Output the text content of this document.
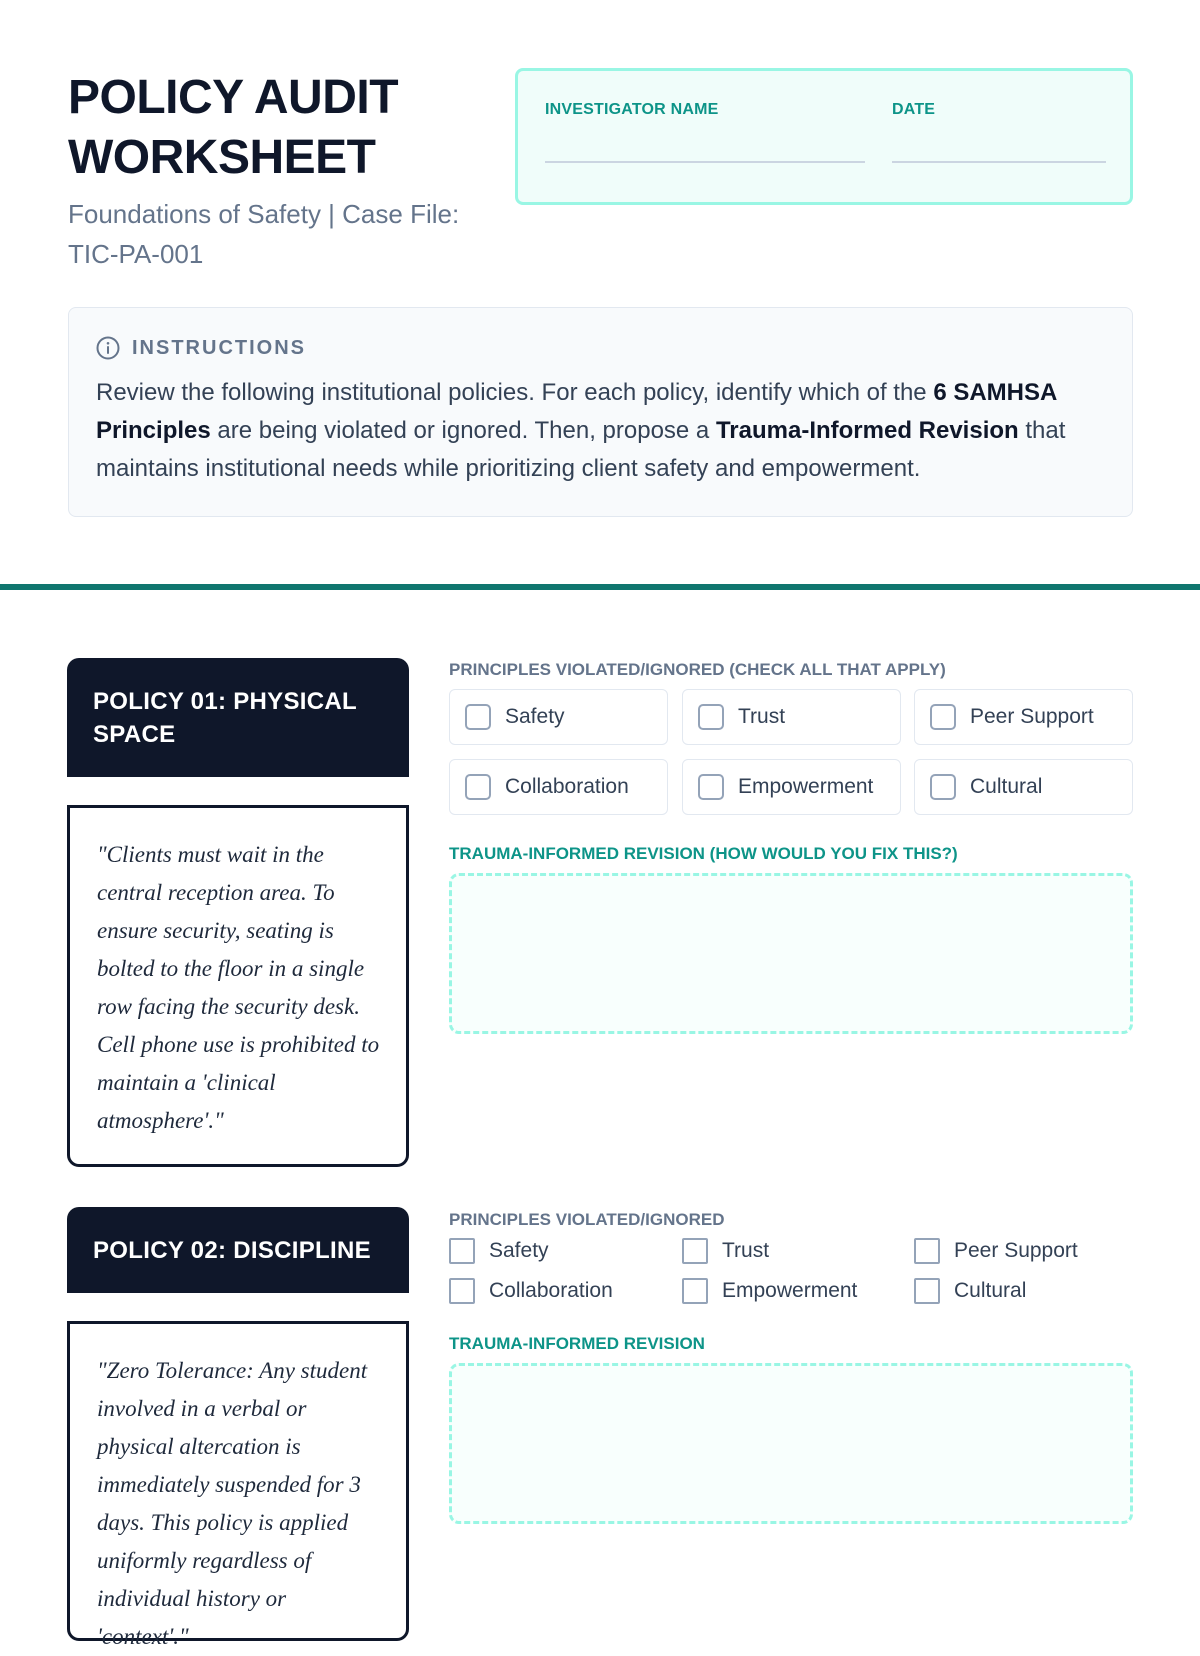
POLICY AUDIT
WORKSHEET
Foundations of Safety | Case File:
TIC-PA-001
INVESTIGATOR NAME	DATE
INSTRUCTIONS
Review the following institutional policies. For each policy, identify which of the 6 SAMHSA Principles are being violated or ignored. Then, propose a Trauma-Informed Revision that maintains institutional needs while prioritizing client safety and empowerment.
POLICY 01: PHYSICAL SPACE
"Clients must wait in the central reception area. To ensure security, seating is bolted to the floor in a single row facing the security desk. Cell phone use is prohibited to maintain a 'clinical atmosphere'."
PRINCIPLES VIOLATED/IGNORED (CHECK ALL THAT APPLY)
Safety	Trust	Peer Support
Collaboration	Empowerment	Cultural
TRAUMA-INFORMED REVISION (HOW WOULD YOU FIX THIS?)
POLICY 02: DISCIPLINE
"Zero Tolerance: Any student involved in a verbal or physical altercation is immediately suspended for 3 days. This policy is applied uniformly regardless of individual history or 'context'."
PRINCIPLES VIOLATED/IGNORED
Safety	Trust	Peer Support
Collaboration	Empowerment	Cultural
TRAUMA-INFORMED REVISION
